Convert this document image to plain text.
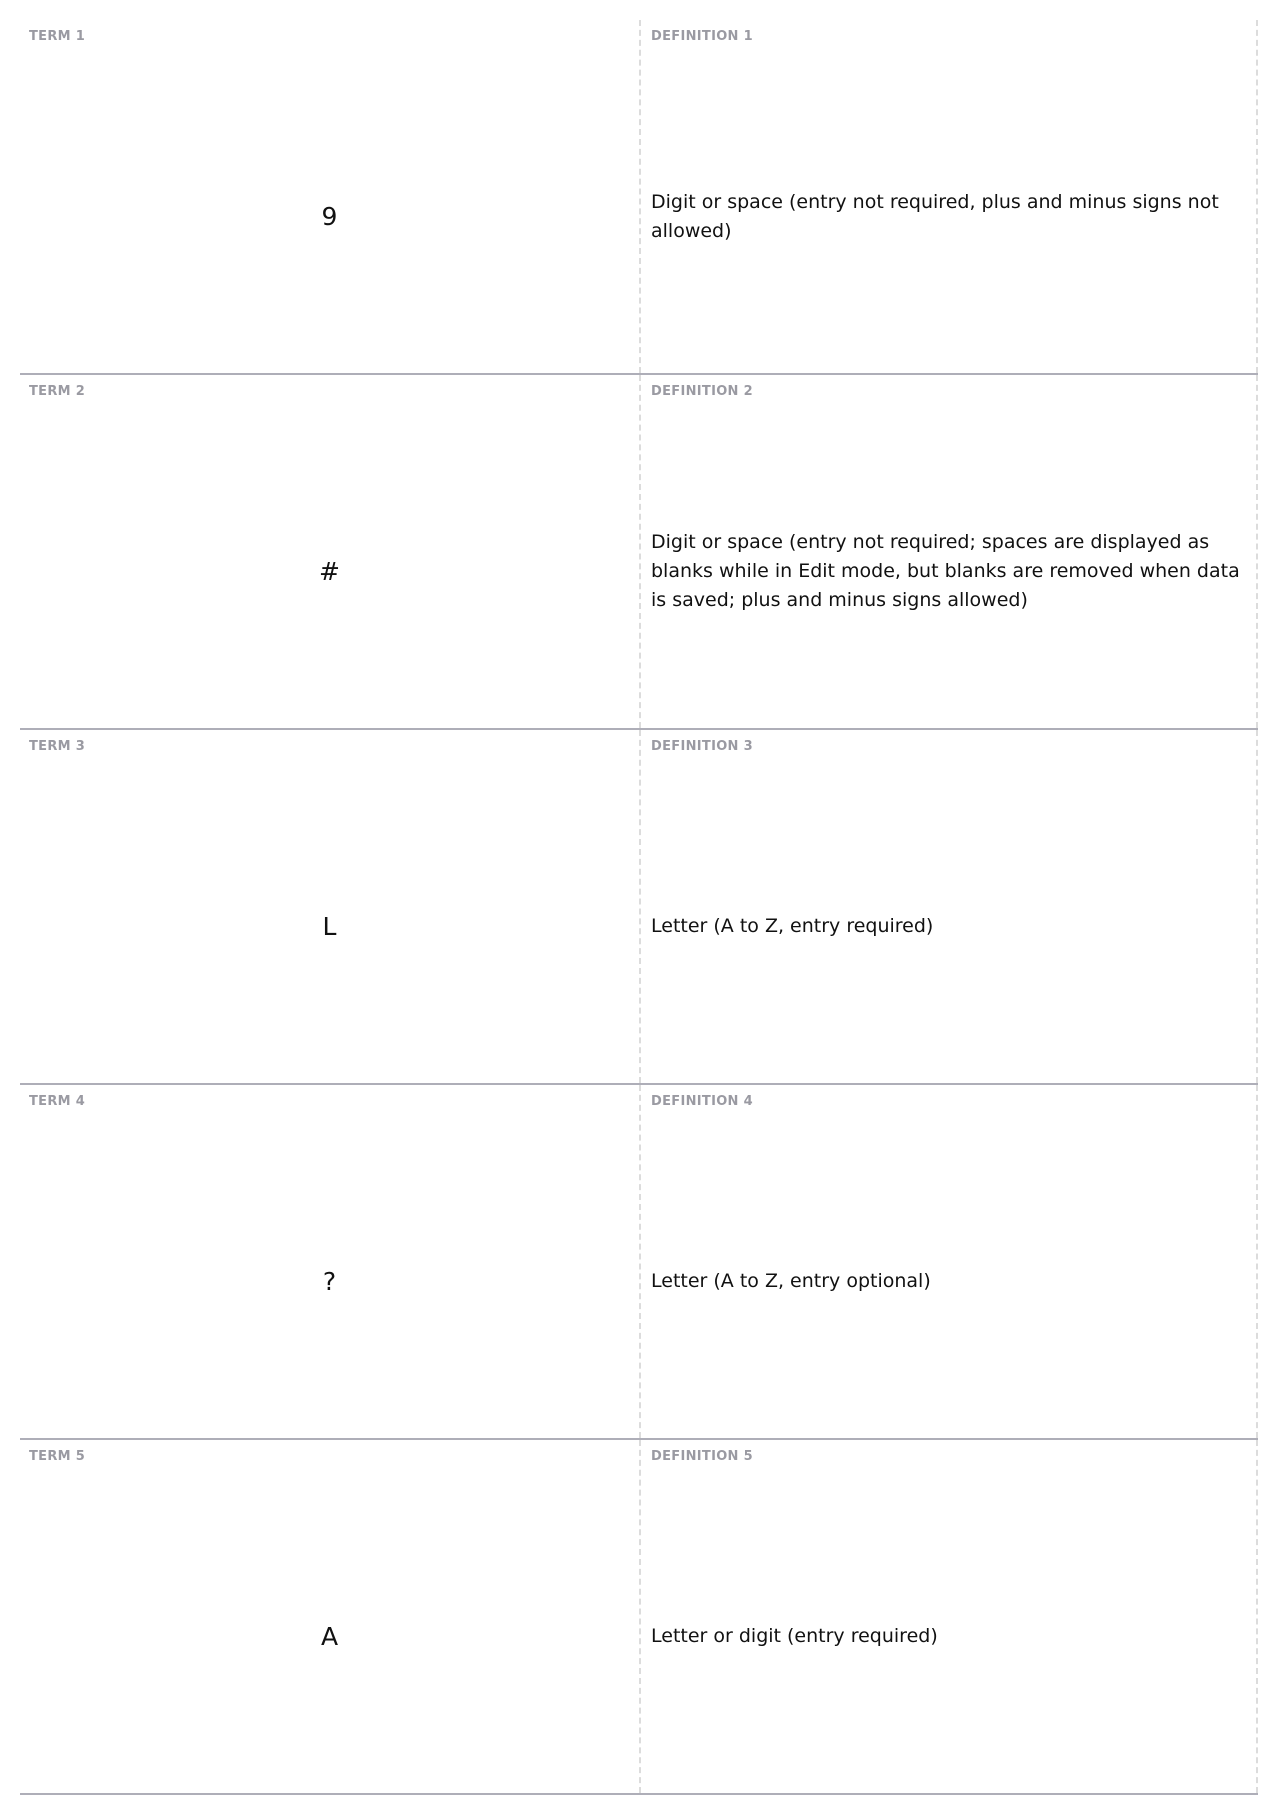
TERM 1
9
DEFINITION 1
Digit or space (entry not required, plus and minus signs not allowed)
TERM 2
#
DEFINITION 2
Digit or space (entry not required; spaces are displayed as blanks while in Edit mode, but blanks are removed when data is saved; plus and minus signs allowed)
TERM 3
L
DEFINITION 3
Letter (A to Z, entry required)
TERM 4
?
DEFINITION 4
Letter (A to Z, entry optional)
TERM 5
A
DEFINITION 5
Letter or digit (entry required)
